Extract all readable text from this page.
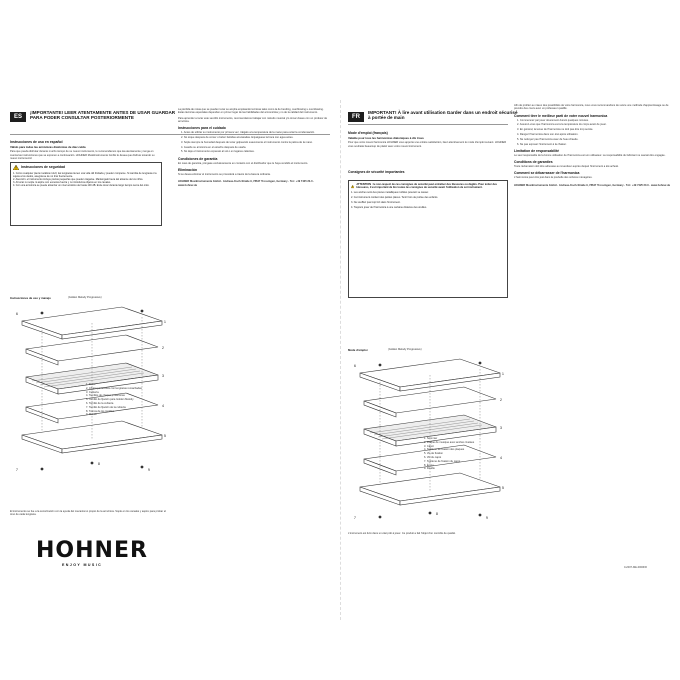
ES
¡IMPORTANTE! LEER ATENTAMENTE ANTES DE USAR GUARDAR PARA PODER CONSULTAR POSTERIORMENTE
Instrucciones de uso en español
Válido para todas las armónicas diatónicas de diez celda

Para que pueda disfrutar durante mucho tiempo de su nuevo instrumento, le recomendamos que lea atentamente y tenga en cuenta las instrucciones que se exponen a continuación. HOHNER Musikinstrumente GmbH le desea que disfrute tocando su nuevo instrumento!

Instrucciones de seguridad
1. Como cualquier pieza metálica móvil, las lengüetas tienen una vida útil limitada y pueden romperse. Si cambia de lengüeta o la sujeta a los dedos, asegúrese de no tirar fuertemente.
2. Atención: el instrumento incluye piezas pequeñas que pueden tragarse. Manténgalo fuera del alcance de los niños.
3. Al tocar no sople ni aspire con excesiva fuerza y no introduzca objetos en los canales.
4. Con una armónica se puede alcanzar un nivel acústico de hasta 100 dB. Evite tocar durante largo tiempo cerca del oído.

La pérdida de notas que se pueden tocar se amplía empleando técnicas tales como la de bending, overblowing u overdrawing. Estas técnicas especiales dependen en primer lugar de las habilidades del armonicista y no de la calidad del instrumento.

Para aprender a tocar este sencillo instrumento, recomendamos trabajar con método musical y/o tomar clases con un profesor de armónica.

Instrucciones para el cuidado
1. Antes de utilizar su instrumento por primera vez, tráigalo a la temperatura de la mano para evitar la condensación.
2. No toque después de comer o beber bebidas azucaradas. Enjuáguese la boca con agua antes.
3. Sople siempre la humedad después de tocar golpeando suavemente el instrumento contra la palma de la mano.
4. Guarde su armónica en el estuche después de usarla.
5. No deje el instrumento expuesto al sol o en lugares calientes.
Condiciones de garantía

En caso de garantía, póngase exclusivamente en contacto con el distribuidor que le haya vendido el instrumento.

Eliminación

Si se desea eliminar el instrumento se procederá a través de la basura ordinaria.

HOHNER Musikinstrumente GmbH · Andreas-Koch-Straße 9, 78647 Trossingen, Germany · Tel.: +49 7425 20-0 · www.hohner.de

Instrucciones de uso y manejo	(Golden Melody Progressive)
1
2
3
4
5
6
7
8
9
1. Peine
2. Chapa portavoces con lengüetas remachadas
3. Cubierta
4. Tornillos de chapas protectoras
5. Tornillo de fijación para Golden Melody
6. Tornillo de la cubierta
7. Tornillo de fijación de la cubierta
8. Tuerca de los tornillos
9. Mundo

El instrumento se fue a la sonorización con la ayuda del mecanismo propio de la armónica. Sople en los canales y aspire para probar el tono de cada lengüeta.

HOHNER
ENJOY MUSIC
FR
IMPORTANT! À lire avant utilisation Garder dans un endroit sécurisé à portée de main
Mode d'emploi (français)
Valable pour tous les harmonicas diatoniques à dix trous

Pour que votre nouvel harmonica HOHNER vous apporte une entière satisfaction, lisez attentivement le mode d'emploi suivant. HOHNER vous souhaite beaucoup de plaisir avec votre nouvel instrument.

Consignes de sécurité importantes
ATTENTION : le non-respect de ces consignes de sécurité peut entraîner des blessures ou dégâts. Pour éviter des blessures, il est important de lire toutes les consignes de sécurité avant l'utilisation de cet instrument.
1. Les anches sont des pièces métalliques mobiles pouvant se casser.
2. Cet instrument contient des petites pièces. Tenir hors de portée des enfants.
3. Ne soufflez pas trop fort dans l'instrument.
4. Toujours jouer de l'harmonica à une certaine distance des oreilles.

Afin de profiter au mieux des possibilités de votre harmonica, nous vous recommandons de suivre une méthode d'apprentissage ou de prendre des cours avec un professeur qualifié.

Comment tirer le meilleur parti de votre nouvel harmonica
1. Commencez par jouer doucement durant quelques minutes.
2. Assurez-vous que l'harmonica est à la température du corps avant de jouer.
3. En général, la tenue de l'harmonica ne doit pas être trop serrée.
4. Rangez l'harmonica dans son étui après utilisation.
5. Ne nettoyez pas l'harmonica avec de l'eau chaude.
6. Ne pas exposer l'instrument à la chaleur.
Limitation de responsabilité

Le seul responsable de la bonne utilisation de l'harmonica est son utilisateur. La responsabilité du fabricant ne saurait être engagée.

Conditions de garanties

Toute réclamation doit être adressée au revendeur auprès duquel l'instrument a été acheté.

Comment se débarrasser de l'harmonica

L'harmonica peut être jeté dans la poubelle des ordures ménagères.

HOHNER Musikinstrumente GmbH · Andreas-Koch-Straße 9, 78647 Trossingen, Germany · Tél.: +49 7425 20-0 · www.hohner.de

Mode d'emploi	(Golden Melody Progressive)
1
2
3
4
5
6
7
8
9
1. Sommier
2. Plaque de musique avec anches rivetées
3. Capot
4. Système de fixation des plaques
5. Vis de fixation
6. Vis du capot
7. Système de fixation du capot
8. Écrou
9. Douille

L'instrument est livré dans un état prêt à jouer. Ce produit a fait l'objet d'un contrôle de qualité.

0-2007-ME-0000FR
